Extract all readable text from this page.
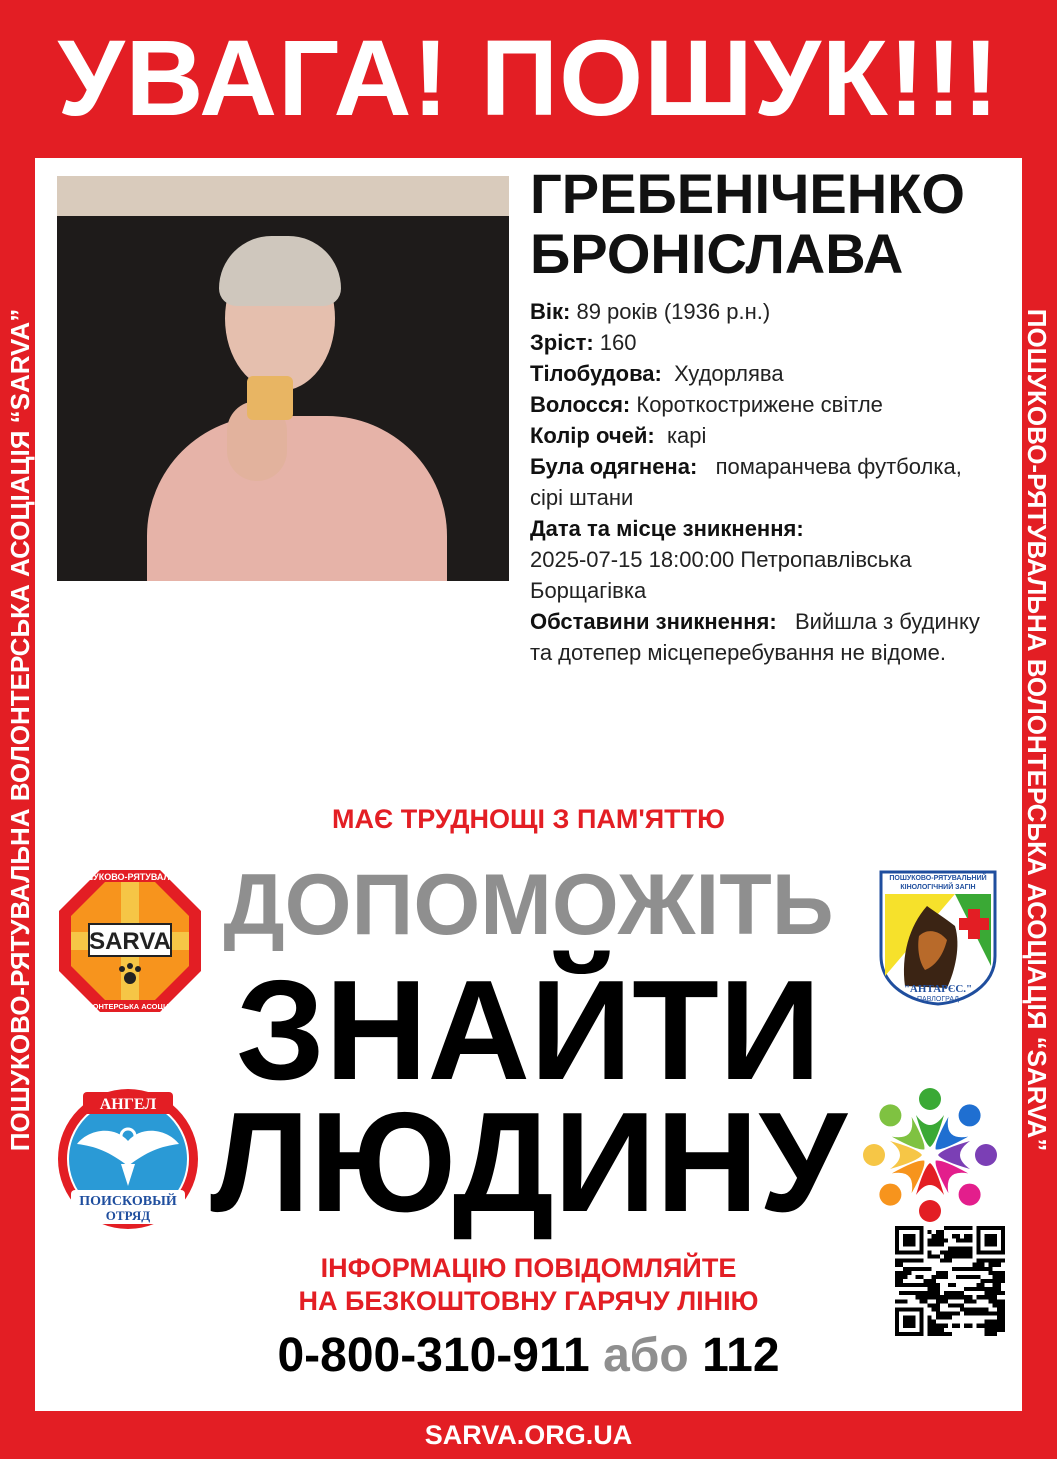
УВАГА! ПОШУК!!!
ПОШУКОВО-РЯТУВАЛЬНА ВОЛОНТЕРСЬКА АСОЦІАЦІЯ “SARVA”	ПОШУКОВО-РЯТУВАЛЬНА ВОЛОНТЕРСЬКА АСОЦІАЦІЯ “SARVA”
ГРЕБЕНІЧЕНКО
БРОНІСЛАВА

Вік: 89 років (1936 р.н.)

Зріст: 160

Тілобудова: Худорлява

Волосся: Короткострижене світле

Колір очей: карі

Була одягнена: помаранчева футболка, сірі штани

Дата та місце зникнення:
2025-07-15 18:00:00 Петропавлівська Борщагівка

Обставини зникнення: Вийшла з будинку та дотепер місцеперебування не відоме.

МАЄ ТРУДНОЩІ З ПАМ'ЯТТЮ
ДОПОМОЖІТЬ
ЗНАЙТИ
ЛЮДИНУ
SARVA
ПОШУКОВО-РЯТУВАЛЬНА
ВОЛОНТЕРСЬКА АСОЦІАЦІЯ
ПОШУКОВО-РЯТУВАЛЬНИЙ
КІНОЛОГІЧНИЙ ЗАГІН
"АНТАРЄС."
ПАВЛОГРАД
АНГЕЛ
ПОИСКОВЫЙ
ОТРЯД
ІНФОРМАЦІЮ ПОВІДОМЛЯЙТЕ
НА БЕЗКОШТОВНУ ГАРЯЧУ ЛІНІЮ
0-800-310-911 або 112
SARVA.ORG.UA
